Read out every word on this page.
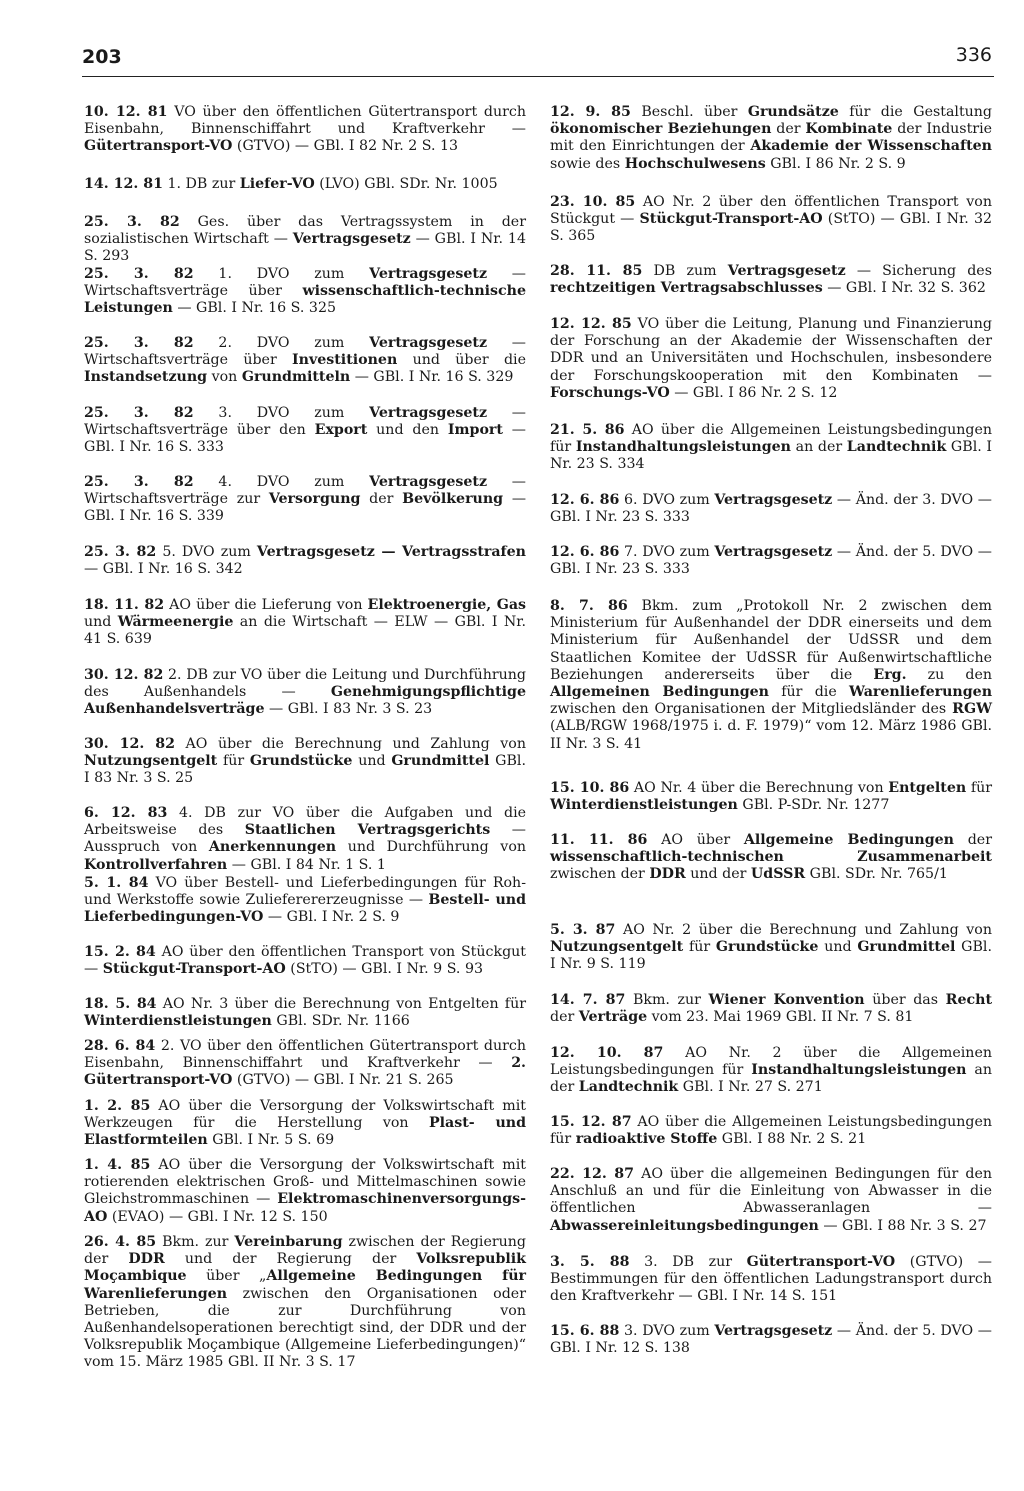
203	336

10. 12. 81 VO über den öffentlichen Gütertransport durch Eisenbahn, Binnenschiffahrt und Kraftverkehr — Gütertransport-VO (GTVO) — GBl. I 82 Nr. 2 S. 13

14. 12. 81 1. DB zur Liefer-VO (LVO) GBl. SDr. Nr. 1005

25. 3. 82 Ges. über das Vertragssystem in der sozialistischen Wirtschaft — Vertragsgesetz — GBl. I Nr. 14 S. 293

25. 3. 82 1. DVO zum Vertragsgesetz — Wirtschaftsverträge über wissenschaftlich-technische Leistungen — GBl. I Nr. 16 S. 325

25. 3. 82 2. DVO zum Vertragsgesetz — Wirtschaftsverträge über Investitionen und über die Instandsetzung von Grundmitteln — GBl. I Nr. 16 S. 329

25. 3. 82 3. DVO zum Vertragsgesetz — Wirtschaftsverträge über den Export und den Import — GBl. I Nr. 16 S. 333

25. 3. 82 4. DVO zum Vertragsgesetz — Wirtschaftsverträge zur Versorgung der Bevölkerung — GBl. I Nr. 16 S. 339

25. 3. 82 5. DVO zum Vertragsgesetz — Vertragsstrafen — GBl. I Nr. 16 S. 342

18. 11. 82 AO über die Lieferung von Elektroenergie, Gas und Wärmeenergie an die Wirtschaft — ELW — GBl. I Nr. 41 S. 639

30. 12. 82 2. DB zur VO über die Leitung und Durchführung des Außenhandels — Genehmigungspflichtige Außenhandelsverträge — GBl. I 83 Nr. 3 S. 23

30. 12. 82 AO über die Berechnung und Zahlung von Nutzungsentgelt für Grundstücke und Grundmittel GBl. I 83 Nr. 3 S. 25

6. 12. 83 4. DB zur VO über die Aufgaben und die Arbeitsweise des Staatlichen Vertragsgerichts — Ausspruch von Anerkennungen und Durchführung von Kontrollverfahren — GBl. I 84 Nr. 1 S. 1

5. 1. 84 VO über Bestell- und Lieferbedingungen für Roh- und Werkstoffe sowie Zulieferererzeugnisse — Bestell- und Lieferbedingungen-VO — GBl. I Nr. 2 S. 9

15. 2. 84 AO über den öffentlichen Transport von Stückgut — Stückgut-Transport-AO (StTO) — GBl. I Nr. 9 S. 93

18. 5. 84 AO Nr. 3 über die Berechnung von Entgelten für Winterdienstleistungen GBl. SDr. Nr. 1166

28. 6. 84 2. VO über den öffentlichen Gütertransport durch Eisenbahn, Binnenschiffahrt und Kraftverkehr — 2. Gütertransport-VO (GTVO) — GBl. I Nr. 21 S. 265

1. 2. 85 AO über die Versorgung der Volkswirtschaft mit Werkzeugen für die Herstellung von Plast- und Elastformteilen GBl. I Nr. 5 S. 69

1. 4. 85 AO über die Versorgung der Volkswirtschaft mit rotierenden elektrischen Groß- und Mittelmaschinen sowie Gleichstrommaschinen — Elektromaschinenversorgungs-AO (EVAO) — GBl. I Nr. 12 S. 150

26. 4. 85 Bkm. zur Vereinbarung zwischen der Regierung der DDR und der Regierung der Volksrepublik Moçambique über „Allgemeine Bedingungen für Warenlieferungen zwischen den Organisationen oder Betrieben, die zur Durchführung von Außenhandelsoperationen berechtigt sind, der DDR und der Volksrepublik Moçambique (Allgemeine Lieferbedingungen)“ vom 15. März 1985 GBl. II Nr. 3 S. 17

12. 9. 85 Beschl. über Grundsätze für die Gestaltung ökonomischer Beziehungen der Kombinate der Industrie mit den Einrichtungen der Akademie der Wissenschaften sowie des Hochschulwesens GBl. I 86 Nr. 2 S. 9

23. 10. 85 AO Nr. 2 über den öffentlichen Transport von Stückgut — Stückgut-Transport-AO (StTO) — GBl. I Nr. 32 S. 365

28. 11. 85 DB zum Vertragsgesetz — Sicherung des rechtzeitigen Vertragsabschlusses — GBl. I Nr. 32 S. 362

12. 12. 85 VO über die Leitung, Planung und Finanzierung der Forschung an der Akademie der Wissenschaften der DDR und an Universitäten und Hochschulen, insbesondere der Forschungskooperation mit den Kombinaten — Forschungs-VO — GBl. I 86 Nr. 2 S. 12

21. 5. 86 AO über die Allgemeinen Leistungsbedingungen für Instandhaltungsleistungen an der Landtechnik GBl. I Nr. 23 S. 334

12. 6. 86 6. DVO zum Vertragsgesetz — Änd. der 3. DVO — GBl. I Nr. 23 S. 333

12. 6. 86 7. DVO zum Vertragsgesetz — Änd. der 5. DVO — GBl. I Nr. 23 S. 333

8. 7. 86 Bkm. zum „Protokoll Nr. 2 zwischen dem Ministerium für Außenhandel der DDR einerseits und dem Ministerium für Außenhandel der UdSSR und dem Staatlichen Komitee der UdSSR für Außenwirtschaftliche Beziehungen andererseits über die Erg. zu den Allgemeinen Bedingungen für die Warenlieferungen zwischen den Organisationen der Mitgliedsländer des RGW (ALB/RGW 1968/1975 i. d. F. 1979)“ vom 12. März 1986 GBl. II Nr. 3 S. 41

15. 10. 86 AO Nr. 4 über die Berechnung von Entgelten für Winterdienstleistungen GBl. P-SDr. Nr. 1277

11. 11. 86 AO über Allgemeine Bedingungen der wissenschaftlich-technischen Zusammenarbeit zwischen der DDR und der UdSSR GBl. SDr. Nr. 765/1

5. 3. 87 AO Nr. 2 über die Berechnung und Zahlung von Nutzungsentgelt für Grundstücke und Grundmittel GBl. I Nr. 9 S. 119

14. 7. 87 Bkm. zur Wiener Konvention über das Recht der Verträge vom 23. Mai 1969 GBl. II Nr. 7 S. 81

12. 10. 87 AO Nr. 2 über die Allgemeinen Leistungsbedingungen für Instandhaltungsleistungen an der Landtechnik GBl. I Nr. 27 S. 271

15. 12. 87 AO über die Allgemeinen Leistungsbedingungen für radioaktive Stoffe GBl. I 88 Nr. 2 S. 21

22. 12. 87 AO über die allgemeinen Bedingungen für den Anschluß an und für die Einleitung von Abwasser in die öffentlichen Abwasseranlagen — Abwassereinleitungsbedingungen — GBl. I 88 Nr. 3 S. 27

3. 5. 88 3. DB zur Gütertransport-VO (GTVO) — Bestimmungen für den öffentlichen Ladungstransport durch den Kraftverkehr — GBl. I Nr. 14 S. 151

15. 6. 88 3. DVO zum Vertragsgesetz — Änd. der 5. DVO — GBl. I Nr. 12 S. 138
